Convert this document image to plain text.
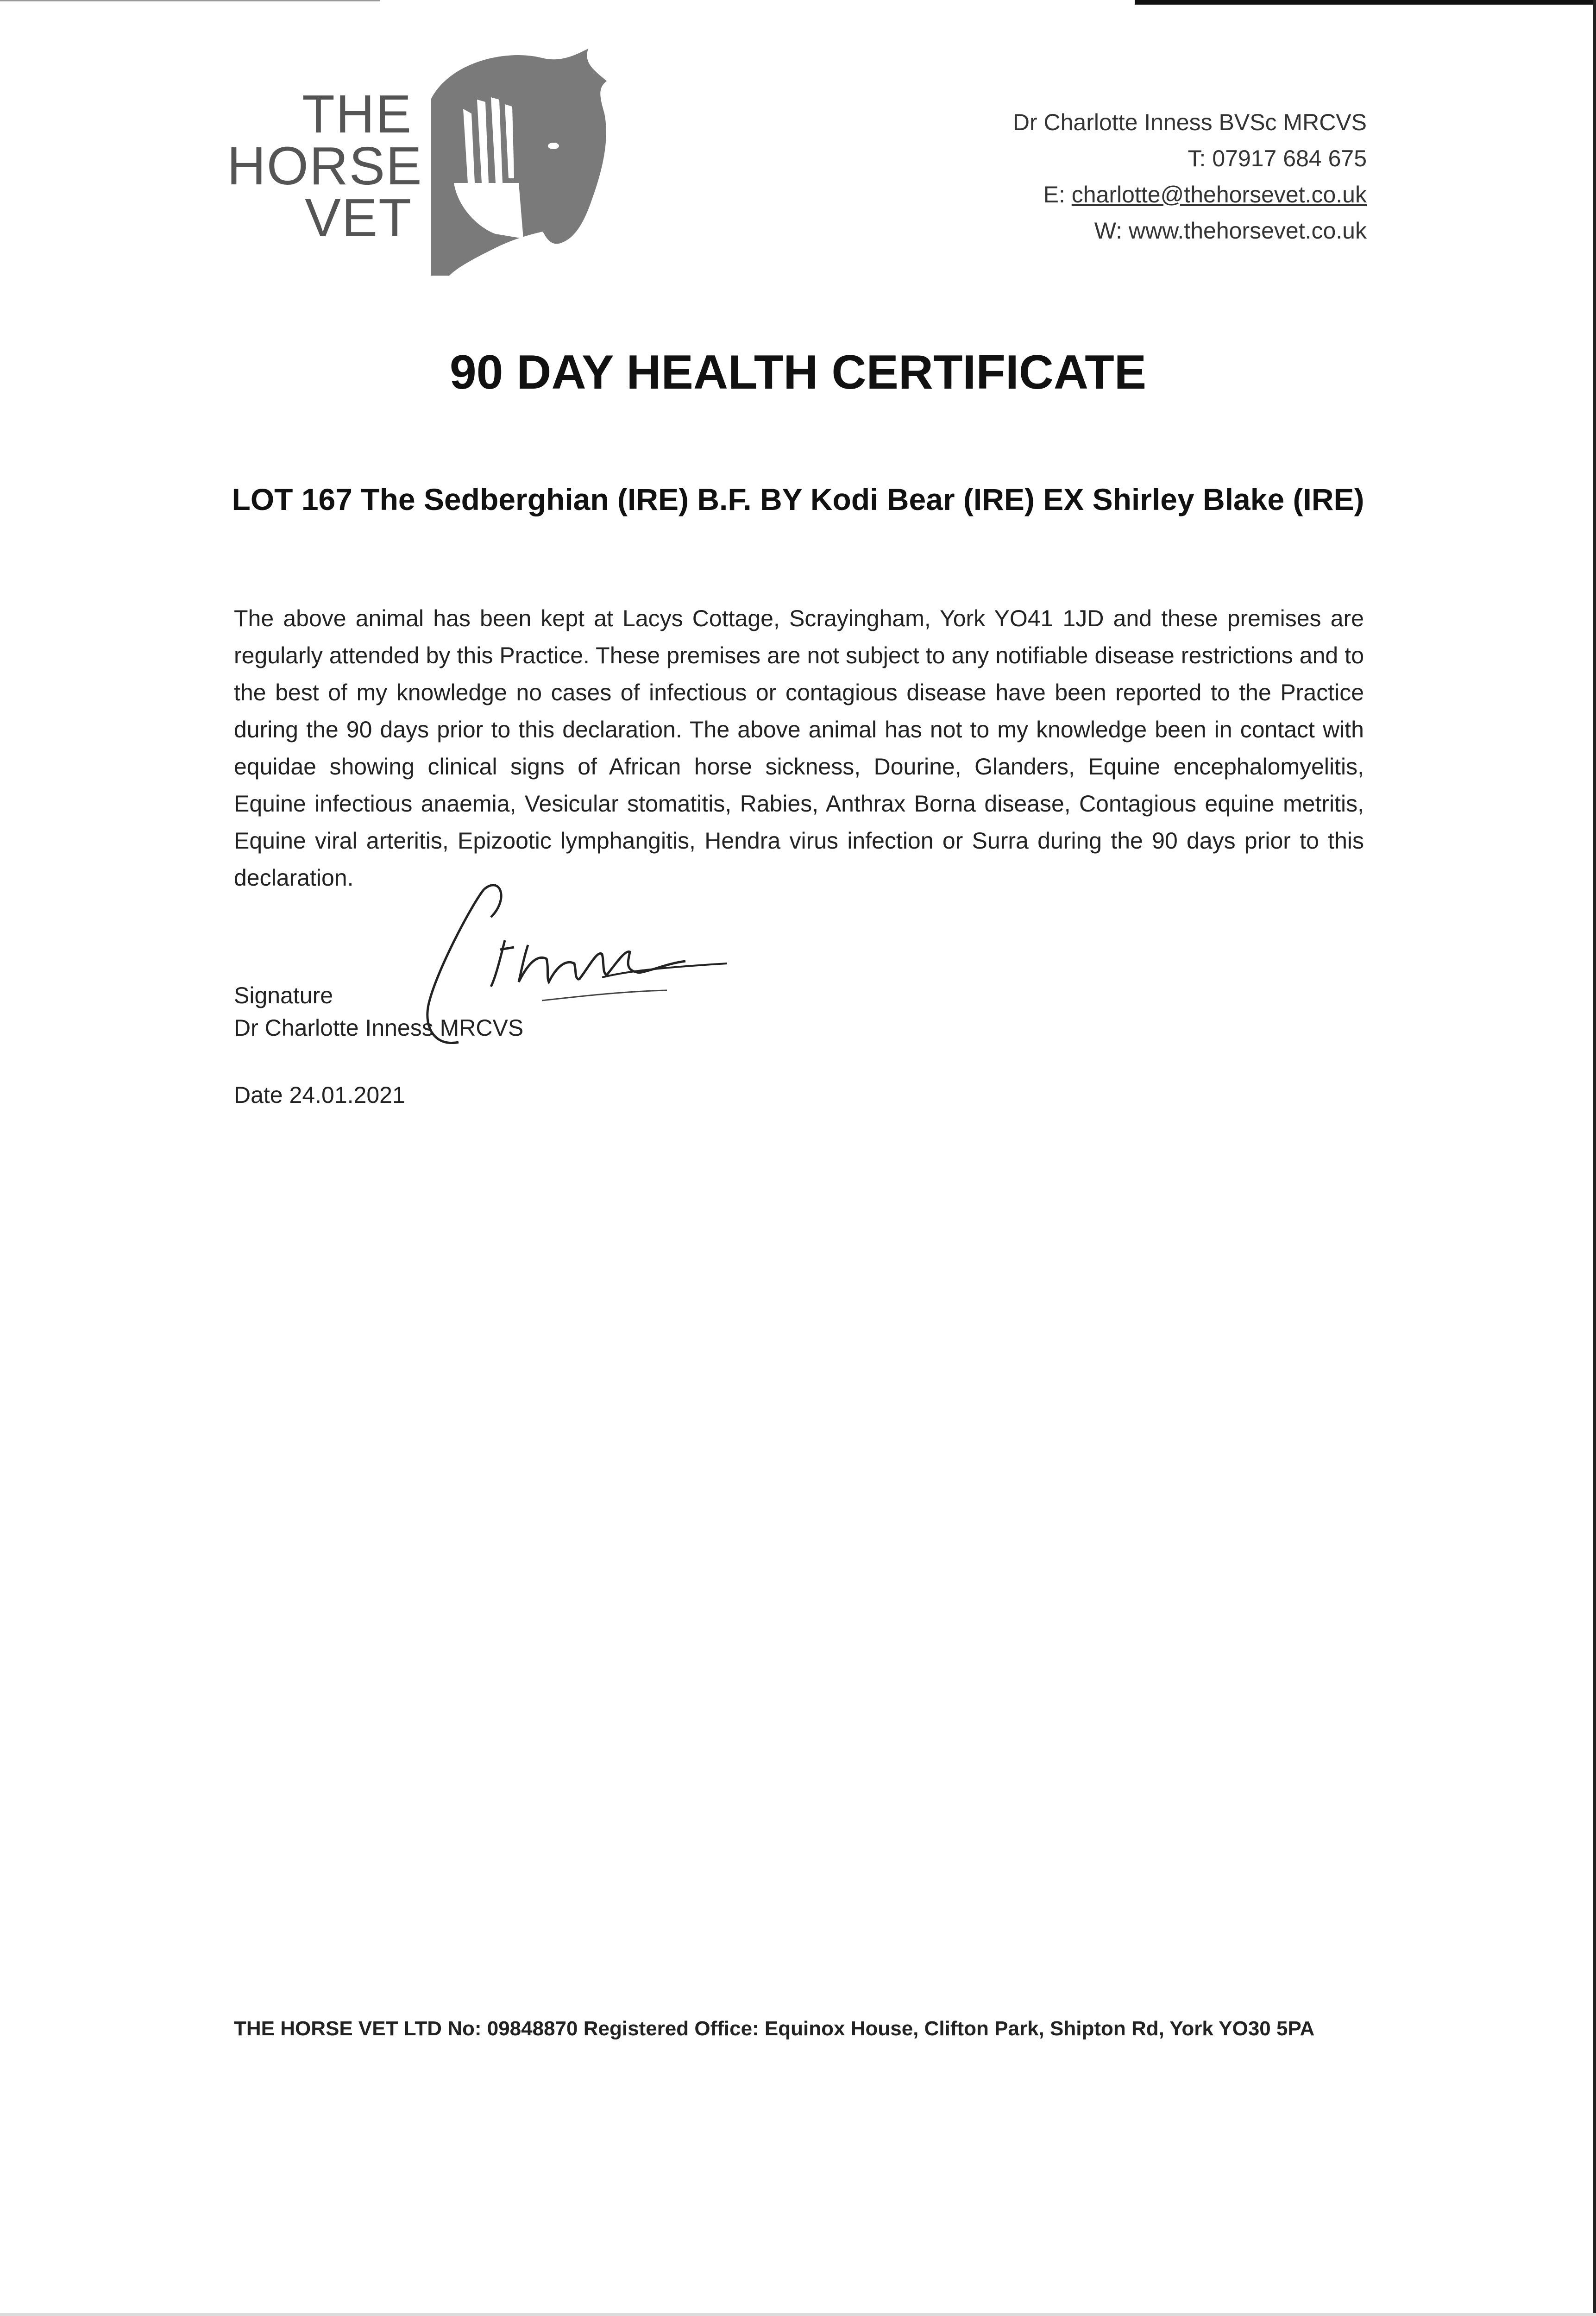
THE
HORSE
VET
Dr Charlotte Inness BVSc MRCVS
T: 07917 684 675
E: charlotte@thehorsevet.co.uk
W: www.thehorsevet.co.uk
90 DAY HEALTH CERTIFICATE
LOT 167 The Sedberghian (IRE) B.F. BY Kodi Bear (IRE) EX Shirley Blake (IRE)
The above animal has been kept at Lacys Cottage, Scrayingham, York YO41 1JD and these premises are regularly attended by this Practice. These premises are not subject to any notifiable disease restrictions and to the best of my knowledge no cases of infectious or contagious disease have been reported to the Practice during the 90 days prior to this declaration. The above animal has not to my knowledge been in contact with equidae showing clinical signs of African horse sickness, Dourine, Glanders, Equine encephalomyelitis, Equine infectious anaemia, Vesicular stomatitis, Rabies, Anthrax Borna disease, Contagious equine metritis, Equine viral arteritis, Epizootic lymphangitis, Hendra virus infection or Surra during the 90 days prior to this declaration.
Signature
Dr Charlotte Inness MRCVS
Date 24.01.2021
THE HORSE VET LTD No: 09848870 Registered Office: Equinox House, Clifton Park, Shipton Rd, York YO30 5PA
